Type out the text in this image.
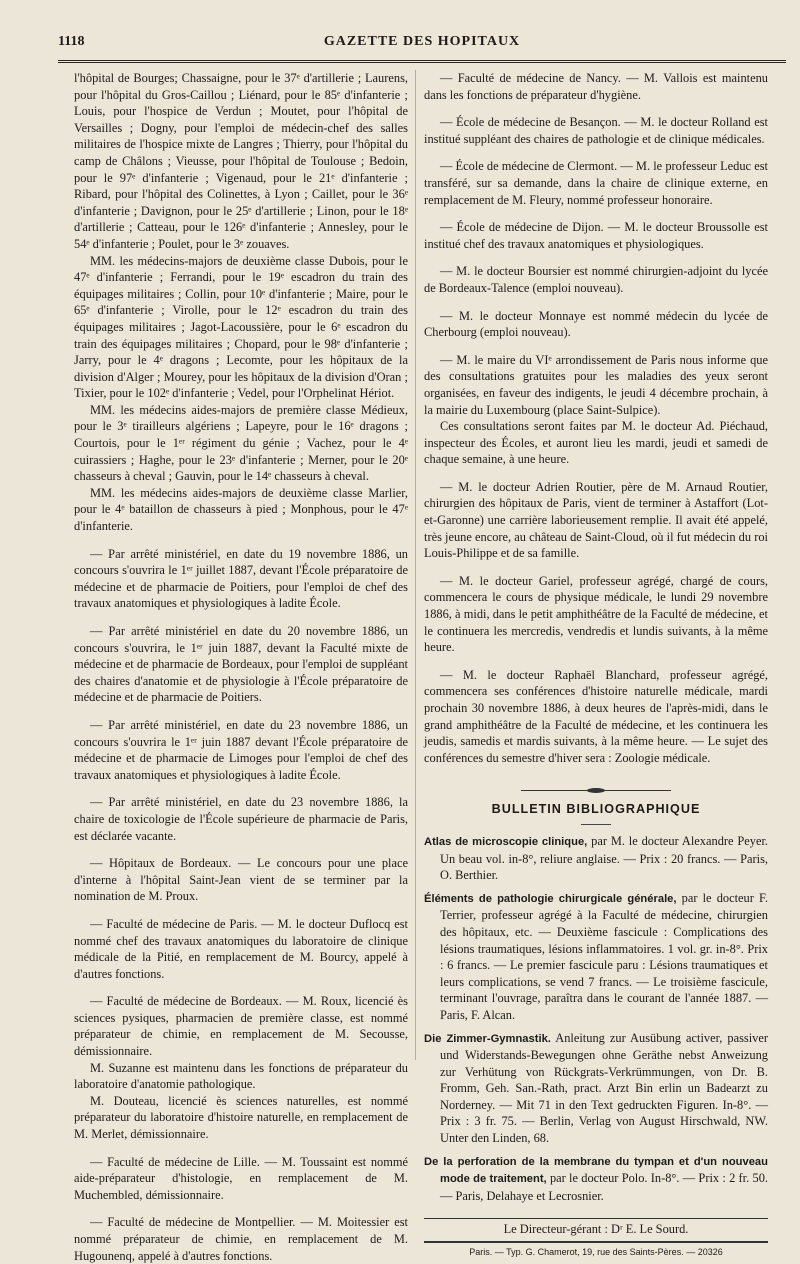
1118	GAZETTE DES HOPITAUX

l'hôpital de Bourges; Chassaigne, pour le 37ᵉ d'artillerie ; Laurens, pour l'hôpital du Gros-Caillou ; Liénard, pour le 85ᵉ d'infanterie ; Louis, pour l'hospice de Verdun ; Moutet, pour l'hôpital de Versailles ; Dogny, pour l'emploi de médecin-chef des salles militaires de l'hospice mixte de Langres ; Thierry, pour l'hôpital du camp de Châlons ; Vieusse, pour l'hôpital de Toulouse ; Bedoin, pour le 97ᵉ d'infanterie ; Vigenaud, pour le 21ᵉ d'infanterie ; Ribard, pour l'hôpital des Colinettes, à Lyon ; Caillet, pour le 36ᵉ d'infanterie ; Davignon, pour le 25ᵉ d'artillerie ; Linon, pour le 18ᵉ d'artillerie ; Catteau, pour le 126ᵉ d'infanterie ; Annesley, pour le 54ᵉ d'infanterie ; Poulet, pour le 3ᵉ zouaves.

MM. les médecins-majors de deuxième classe Dubois, pour le 47ᵉ d'infanterie ; Ferrandi, pour le 19ᵉ escadron du train des équipages militaires ; Collin, pour 10ᵉ d'infanterie ; Maire, pour le 65ᵉ d'infanterie ; Virolle, pour le 12ᵉ escadron du train des équipages militaires ; Jagot-Lacoussière, pour le 6ᵉ escadron du train des équipages militaires ; Chopard, pour le 98ᵉ d'infanterie ; Jarry, pour le 4ᵉ dragons ; Lecomte, pour les hôpitaux de la division d'Alger ; Mourey, pour les hôpitaux de la division d'Oran ; Tixier, pour le 102ᵉ d'infanterie ; Vedel, pour l'Orphelinat Hériot.

MM. les médecins aides-majors de première classe Médieux, pour le 3ᵉ tirailleurs algériens ; Lapeyre, pour le 16ᵉ dragons ; Courtois, pour le 1ᵉʳ régiment du génie ; Vachez, pour le 4ᵉ cuirassiers ; Haghe, pour le 23ᵉ d'infanterie ; Merner, pour le 20ᵉ chasseurs à cheval ; Gauvin, pour le 14ᵉ chasseurs à cheval.

MM. les médecins aides-majors de deuxième classe Marlier, pour le 4ᵉ bataillon de chasseurs à pied ; Monphous, pour le 47ᵉ d'infanterie.

— Par arrêté ministériel, en date du 19 novembre 1886, un concours s'ouvrira le 1ᵉʳ juillet 1887, devant l'École préparatoire de médecine et de pharmacie de Poitiers, pour l'emploi de chef des travaux anatomiques et physiologiques à ladite École.

— Par arrêté ministériel en date du 20 novembre 1886, un concours s'ouvrira, le 1ᵉʳ juin 1887, devant la Faculté mixte de médecine et de pharmacie de Bordeaux, pour l'emploi de suppléant des chaires d'anatomie et de physiologie à l'École préparatoire de médecine et de pharmacie de Poitiers.

— Par arrêté ministériel, en date du 23 novembre 1886, un concours s'ouvrira le 1ᵉʳ juin 1887 devant l'École préparatoire de médecine et de pharmacie de Limoges pour l'emploi de chef des travaux anatomiques et physiologiques à ladite École.

— Par arrêté ministériel, en date du 23 novembre 1886, la chaire de toxicologie de l'École supérieure de pharmacie de Paris, est déclarée vacante.

— Hôpitaux de Bordeaux. — Le concours pour une place d'interne à l'hôpital Saint-Jean vient de se terminer par la nomination de M. Proux.

— Faculté de médecine de Paris. — M. le docteur Duflocq est nommé chef des travaux anatomiques du laboratoire de clinique médicale de la Pitié, en remplacement de M. Bourcy, appelé à d'autres fonctions.

— Faculté de médecine de Bordeaux. — M. Roux, licencié ès sciences pysiques, pharmacien de première classe, est nommé préparateur de chimie, en remplacement de M. Secousse, démissionnaire.

M. Suzanne est maintenu dans les fonctions de préparateur du laboratoire d'anatomie pathologique.

M. Douteau, licencié ès sciences naturelles, est nommé préparateur du laboratoire d'histoire naturelle, en remplacement de M. Merlet, démissionnaire.

— Faculté de médecine de Lille. — M. Toussaint est nommé aide-préparateur d'histologie, en remplacement de M. Muchembled, démissionnaire.

— Faculté de médecine de Montpellier. — M. Moitessier est nommé préparateur de chimie, en remplacement de M. Hugounenq, appelé à d'autres fonctions.

— Faculté de médecine de Nancy. — M. Vallois est maintenu dans les fonctions de préparateur d'hygiène.

— École de médecine de Besançon. — M. le docteur Rolland est institué suppléant des chaires de pathologie et de clinique médicales.

— École de médecine de Clermont. — M. le professeur Leduc est transféré, sur sa demande, dans la chaire de clinique externe, en remplacement de M. Fleury, nommé professeur honoraire.

— École de médecine de Dijon. — M. le docteur Broussolle est institué chef des travaux anatomiques et physiologiques.

— M. le docteur Boursier est nommé chirurgien-adjoint du lycée de Bordeaux-Talence (emploi nouveau).

— M. le docteur Monnaye est nommé médecin du lycée de Cherbourg (emploi nouveau).

— M. le maire du VIᵉ arrondissement de Paris nous informe que des consultations gratuites pour les maladies des yeux seront organisées, en faveur des indigents, le jeudi 4 décembre prochain, à la mairie du Luxembourg (place Saint-Sulpice).

Ces consultations seront faites par M. le docteur Ad. Piéchaud, inspecteur des Écoles, et auront lieu les mardi, jeudi et samedi de chaque semaine, à une heure.

— M. le docteur Adrien Routier, père de M. Arnaud Routier, chirurgien des hôpitaux de Paris, vient de terminer à Astaffort (Lot-et-Garonne) une carrière laborieusement remplie. Il avait été appelé, très jeune encore, au château de Saint-Cloud, où il fut médecin du roi Louis-Philippe et de sa famille.

— M. le docteur Gariel, professeur agrégé, chargé de cours, commencera le cours de physique médicale, le lundi 29 novembre 1886, à midi, dans le petit amphithéâtre de la Faculté de médecine, et le continuera les mercredis, vendredis et lundis suivants, à la même heure.

— M. le docteur Raphaël Blanchard, professeur agrégé, commencera ses conférences d'histoire naturelle médicale, mardi prochain 30 novembre 1886, à deux heures de l'après-midi, dans le grand amphithéâtre de la Faculté de médecine, et les continuera les jeudis, samedis et mardis suivants, à la même heure. — Le sujet des conférences du semestre d'hiver sera : Zoologie médicale.

BULLETIN BIBLIOGRAPHIQUE

Atlas de microscopie clinique, par M. le docteur Alexandre Peyer. Un beau vol. in-8°, reliure anglaise. — Prix : 20 francs. — Paris, O. Berthier.

Éléments de pathologie chirurgicale générale, par le docteur F. Terrier, professeur agrégé à la Faculté de médecine, chirurgien des hôpitaux, etc. — Deuxième fascicule : Complications des lésions traumatiques, lésions inflammatoires. 1 vol. gr. in-8°. Prix : 6 francs. — Le premier fascicule paru : Lésions traumatiques et leurs complications, se vend 7 francs. — Le troisième fascicule, terminant l'ouvrage, paraîtra dans le courant de l'année 1887. — Paris, F. Alcan.

Die Zimmer-Gymnastik. Anleitung zur Ausübung activer, passiver und Widerstands-Bewegungen ohne Geräthe nebst Anweizung zur Verhütung von Rückgrats-Verkrümmungen, von Dr. B. Fromm, Geh. San.-Rath, pract. Arzt Bin erlin un Badearzt zu Norderney. — Mit 71 in den Text gedruckten Figuren. In-8°. — Prix : 3 fr. 75. — Berlin, Verlag von August Hirschwald, NW. Unter den Linden, 68.

De la perforation de la membrane du tympan et d'un nouveau mode de traitement, par le docteur Polo. In-8°. — Prix : 2 fr. 50. — Paris, Delahaye et Lecrosnier.

Le Directeur-gérant : Dʳ E. Le Sourd.
Paris. — Typ. G. Chamerot, 19, rue des Saints-Pères. — 20326
